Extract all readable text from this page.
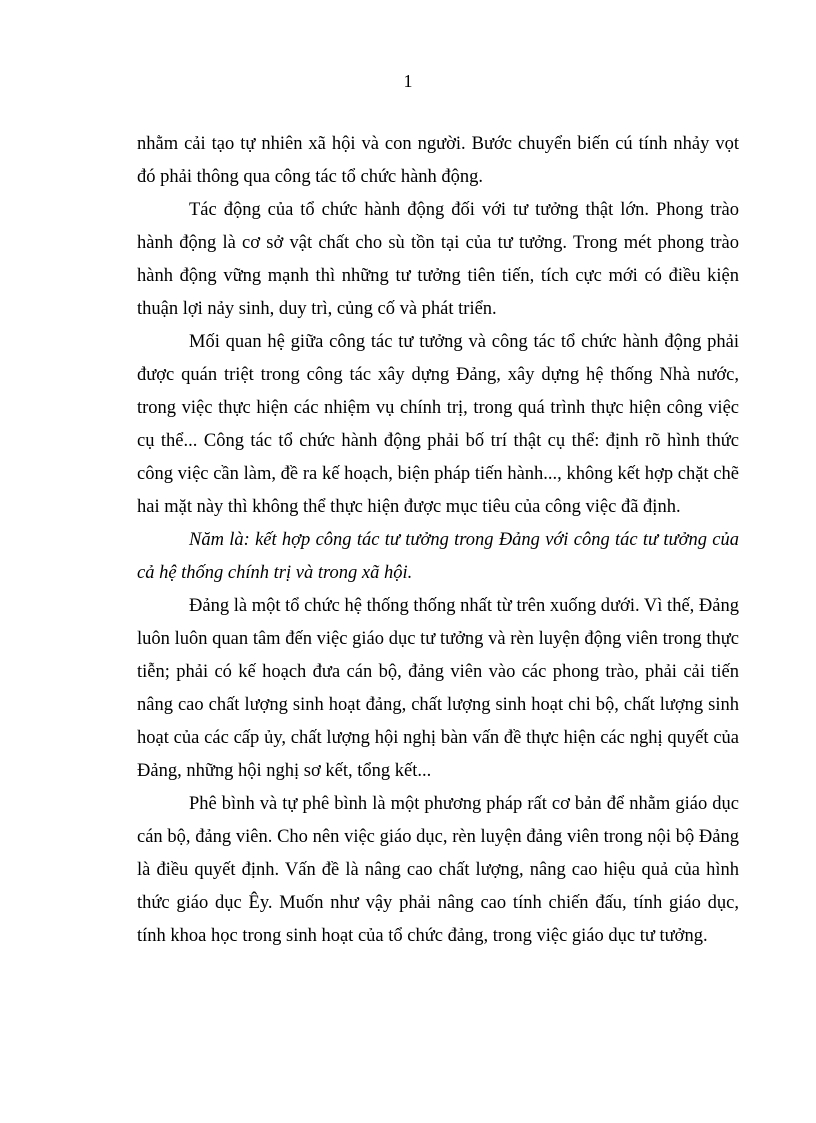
1

nhằm cải tạo tự nhiên xã hội và con người. Bước chuyển biến cú tính nhảy vọt đó phải thông qua công tác tổ chức hành động.

Tác động của tổ chức hành động đối với tư tưởng thật lớn. Phong trào hành động là cơ sở vật chất cho sù tồn tại của tư tưởng. Trong mét phong trào hành động vững mạnh thì những tư tưởng tiên tiến, tích cực mới có điều kiện thuận lợi nảy sinh, duy trì, củng cố và phát triển.

Mối quan hệ giữa công tác tư tưởng và công tác tổ chức hành động phải được quán triệt trong công tác xây dựng Đảng, xây dựng hệ thống Nhà nước, trong việc thực hiện các nhiệm vụ chính trị, trong quá trình thực hiện công việc cụ thể... Công tác tổ chức hành động phải bố trí thật cụ thể: định rõ hình thức công việc cần làm, đề ra kế hoạch, biện pháp tiến hành..., không kết hợp chặt chẽ hai mặt này thì không thể thực hiện được mục tiêu của công việc đã định.

Năm là: kết hợp công tác tư tưởng trong Đảng với công tác tư tưởng của cả hệ thống chính trị và trong xã hội.

Đảng là một tổ chức hệ thống thống nhất từ trên xuống dưới. Vì thế, Đảng luôn luôn quan tâm đến việc giáo dục tư tưởng và rèn luyện động viên trong thực tiễn; phải có kế hoạch đưa cán bộ, đảng viên vào các phong trào, phải cải tiến nâng cao chất lượng sinh hoạt đảng, chất lượng sinh hoạt chi bộ, chất lượng sinh hoạt của các cấp ủy, chất lượng hội nghị bàn vấn đề thực hiện các nghị quyết của Đảng, những hội nghị sơ kết, tổng kết...

Phê bình và tự phê bình là một phương pháp rất cơ bản để nhằm giáo dục cán bộ, đảng viên. Cho nên việc giáo dục, rèn luyện đảng viên trong nội bộ Đảng là điều quyết định. Vấn đề là nâng cao chất lượng, nâng cao hiệu quả của hình thức giáo dục Êy. Muốn như vậy phải nâng cao tính chiến đấu, tính giáo dục, tính khoa học trong sinh hoạt của tổ chức đảng, trong việc giáo dục tư tưởng.
